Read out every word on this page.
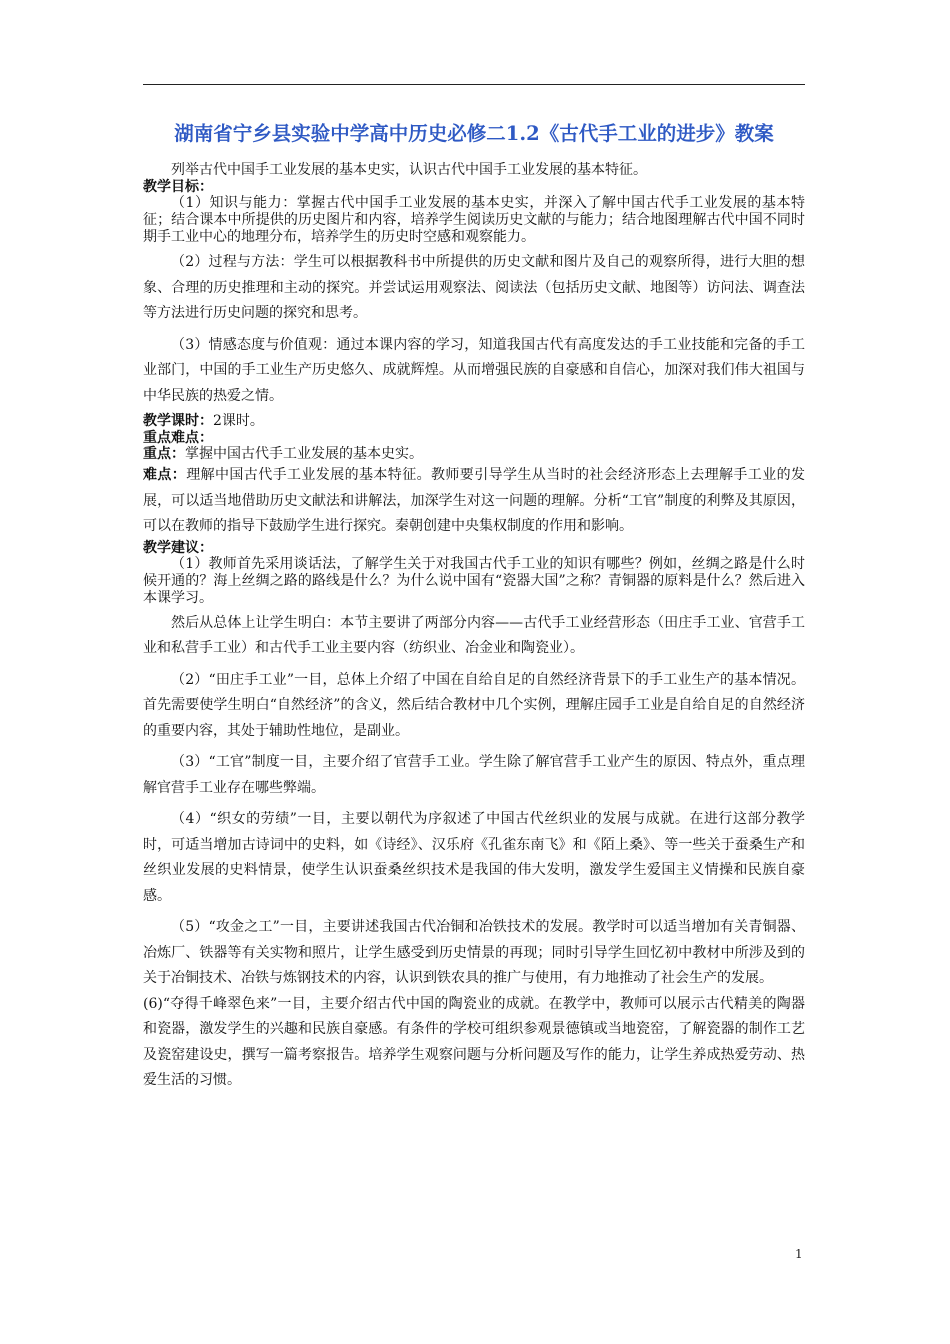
湖南省宁乡县实验中学高中历史必修二1.2《古代手工业的进步》教案

列举古代中国手工业发展的基本史实，认识古代中国手工业发展的基本特征。

教学目标：

（1）知识与能力：掌握古代中国手工业发展的基本史实，并深入了解中国古代手工业发展的基本特征；结合课本中所提供的历史图片和内容，培养学生阅读历史文献的与能力；结合地图理解古代中国不同时期手工业中心的地理分布，培养学生的历史时空感和观察能力。

（2）过程与方法：学生可以根据教科书中所提供的历史文献和图片及自己的观察所得，进行大胆的想象、合理的历史推理和主动的探究。并尝试运用观察法、阅读法（包括历史文献、地图等）访问法、调查法等方法进行历史问题的探究和思考。

（3）情感态度与价值观：通过本课内容的学习，知道我国古代有高度发达的手工业技能和完备的手工业部门，中国的手工业生产历史悠久、成就辉煌。从而增强民族的自豪感和自信心，加深对我们伟大祖国与中华民族的热爱之情。

教学课时：2课时。

重点难点：

重点：掌握中国古代手工业发展的基本史实。

难点：理解中国古代手工业发展的基本特征。教师要引导学生从当时的社会经济形态上去理解手工业的发展，可以适当地借助历史文献法和讲解法，加深学生对这一问题的理解。分析“工官”制度的利弊及其原因，可以在教师的指导下鼓励学生进行探究。秦朝创建中央集权制度的作用和影响。

教学建议：

（1）教师首先采用谈话法，了解学生关于对我国古代手工业的知识有哪些？例如，丝绸之路是什么时候开通的？海上丝绸之路的路线是什么？为什么说中国有“瓷器大国”之称？青铜器的原料是什么？然后进入本课学习。

然后从总体上让学生明白：本节主要讲了两部分内容——古代手工业经营形态（田庄手工业、官营手工业和私营手工业）和古代手工业主要内容（纺织业、冶金业和陶瓷业）。

（2）“田庄手工业”一目，总体上介绍了中国在自给自足的自然经济背景下的手工业生产的基本情况。首先需要使学生明白“自然经济”的含义，然后结合教材中几个实例，理解庄园手工业是自给自足的自然经济的重要内容，其处于辅助性地位，是副业。

（3）“工官”制度一目，主要介绍了官营手工业。学生除了解官营手工业产生的原因、特点外，重点理解官营手工业存在哪些弊端。

（4）“织女的劳绩”一目，主要以朝代为序叙述了中国古代丝织业的发展与成就。在进行这部分教学时，可适当增加古诗词中的史料，如《诗经》、汉乐府《孔雀东南飞》和《陌上桑》、等一些关于蚕桑生产和丝织业发展的史料情景，使学生认识蚕桑丝织技术是我国的伟大发明，激发学生爱国主义情操和民族自豪感。

（5）“攻金之工”一目，主要讲述我国古代冶铜和冶铁技术的发展。教学时可以适当增加有关青铜器、冶炼厂、铁器等有关实物和照片，让学生感受到历史情景的再现；同时引导学生回忆初中教材中所涉及到的关于冶铜技术、冶铁与炼钢技术的内容，认识到铁农具的推广与使用，有力地推动了社会生产的发展。

(6)“夺得千峰翠色来”一目，主要介绍古代中国的陶瓷业的成就。在教学中，教师可以展示古代精美的陶器和瓷器，激发学生的兴趣和民族自豪感。有条件的学校可组织参观景德镇或当地瓷窑，了解瓷器的制作工艺及瓷窑建设史，撰写一篇考察报告。培养学生观察问题与分析问题及写作的能力，让学生养成热爱劳动、热爱生活的习惯。

1
